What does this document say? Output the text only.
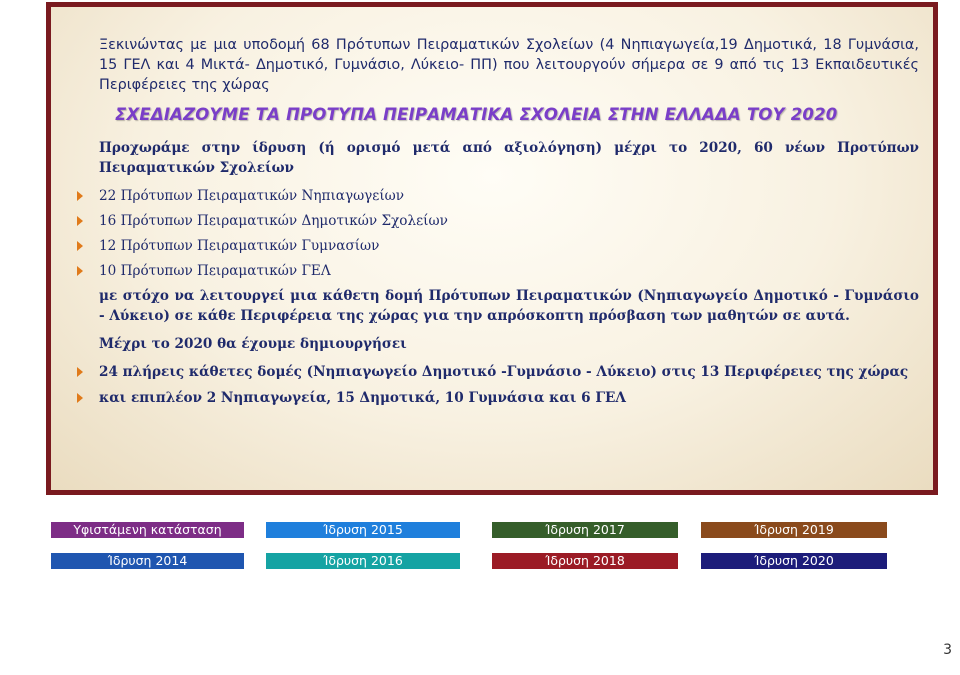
Ξεκινώντας με μια υποδομή 68 Πρότυπων Πειραματικών Σχολείων (4 Νηπιαγωγεία,19 Δημοτικά, 18 Γυμνάσια, 15 ΓΕΛ και 4 Μικτά- Δημοτικό, Γυμνάσιο, Λύκειο- ΠΠ) που λειτουργούν σήμερα σε 9 από τις 13 Εκπαιδευτικές Περιφέρειες της χώρας

ΣΧΕΔΙΑΖΟΥΜΕ ΤΑ ΠΡΟΤΥΠΑ ΠΕΙΡΑΜΑΤΙΚΑ ΣΧΟΛΕΙΑ ΣΤΗΝ ΕΛΛΑΔΑ ΤΟΥ 2020

Προχωράμε στην ίδρυση (ή ορισμό μετά από αξιολόγηση) μέχρι το 2020, 60 νέων Προτύπων Πειραματικών Σχολείων

22 Πρότυπων Πειραματικών Νηπιαγωγείων
16 Πρότυπων Πειραματικών Δημοτικών Σχολείων
12 Πρότυπων Πειραματικών Γυμνασίων
10 Πρότυπων Πειραματικών ΓΕΛ

με στόχο να λειτουργεί μια κάθετη δομή Πρότυπων Πειραματικών (Νηπιαγωγείο Δημοτικό - Γυμνάσιο - Λύκειο) σε κάθε Περιφέρεια της χώρας για την απρόσκοπτη πρόσβαση των μαθητών σε αυτά.

Μέχρι το 2020 θα έχουμε δημιουργήσει

24 πλήρεις κάθετες δομές (Νηπιαγωγείο Δημοτικό -Γυμνάσιο - Λύκειο) στις 13 Περιφέρειες της χώρας
και επιπλέον 2 Νηπιαγωγεία, 15 Δημοτικά, 10 Γυμνάσια και 6 ΓΕΛ
Υφιστάμενη κατάσταση	Ίδρυση 2015	Ίδρυση 2017	Ίδρυση 2019
Ίδρυση 2014	Ίδρυση 2016	Ίδρυση 2018	Ίδρυση 2020
3
